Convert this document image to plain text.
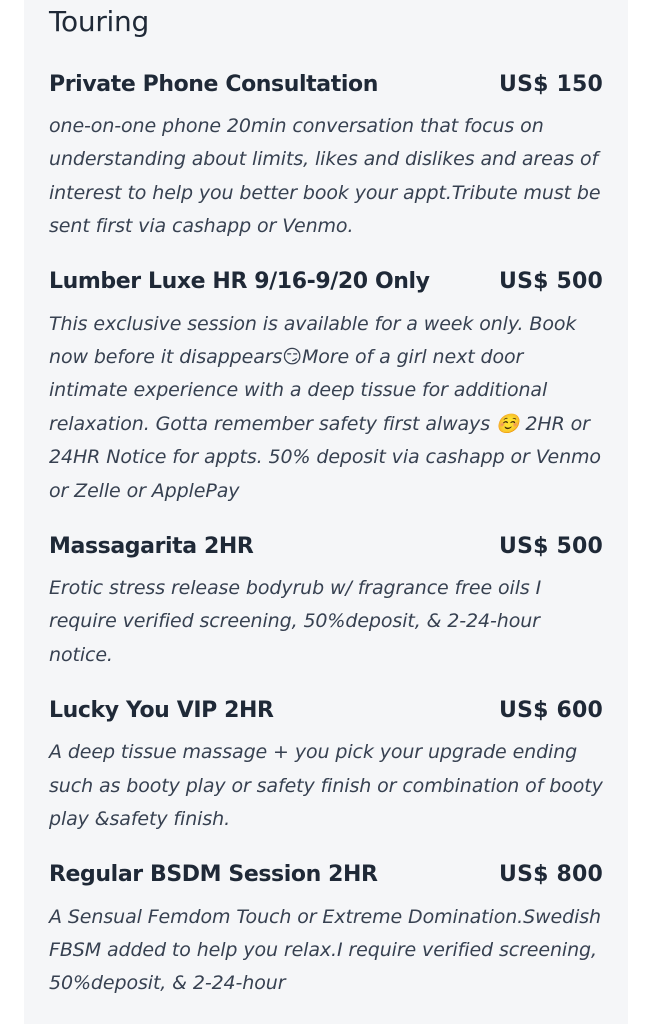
Touring
Private Phone Consultation	US$ 150

one-on-one phone 20min conversation that focus on understanding about limits, likes and dislikes and areas of interest to help you better book your appt.Tribute must be sent first via cashapp or Venmo.

Lumber Luxe HR 9/16-9/20 Only	US$ 500

This exclusive session is available for a week only. Book now before it disappears😏More of a girl next door intimate experience with a deep tissue for additional relaxation. Gotta remember safety first always ☺️ 2HR or 24HR Notice for appts. 50% deposit via cashapp or Venmo or Zelle or ApplePay

Massagarita 2HR	US$ 500

Erotic stress release bodyrub w/ fragrance free oils I require verified screening, 50%deposit, & 2-24-hour notice.

Lucky You VIP 2HR	US$ 600

A deep tissue massage + you pick your upgrade ending such as booty play or safety finish or combination of booty play &safety finish.

Regular BSDM Session 2HR	US$ 800

A Sensual Femdom Touch or Extreme Domination.Swedish FBSM added to help you relax.I require verified screening, 50%deposit, & 2-24-hour
